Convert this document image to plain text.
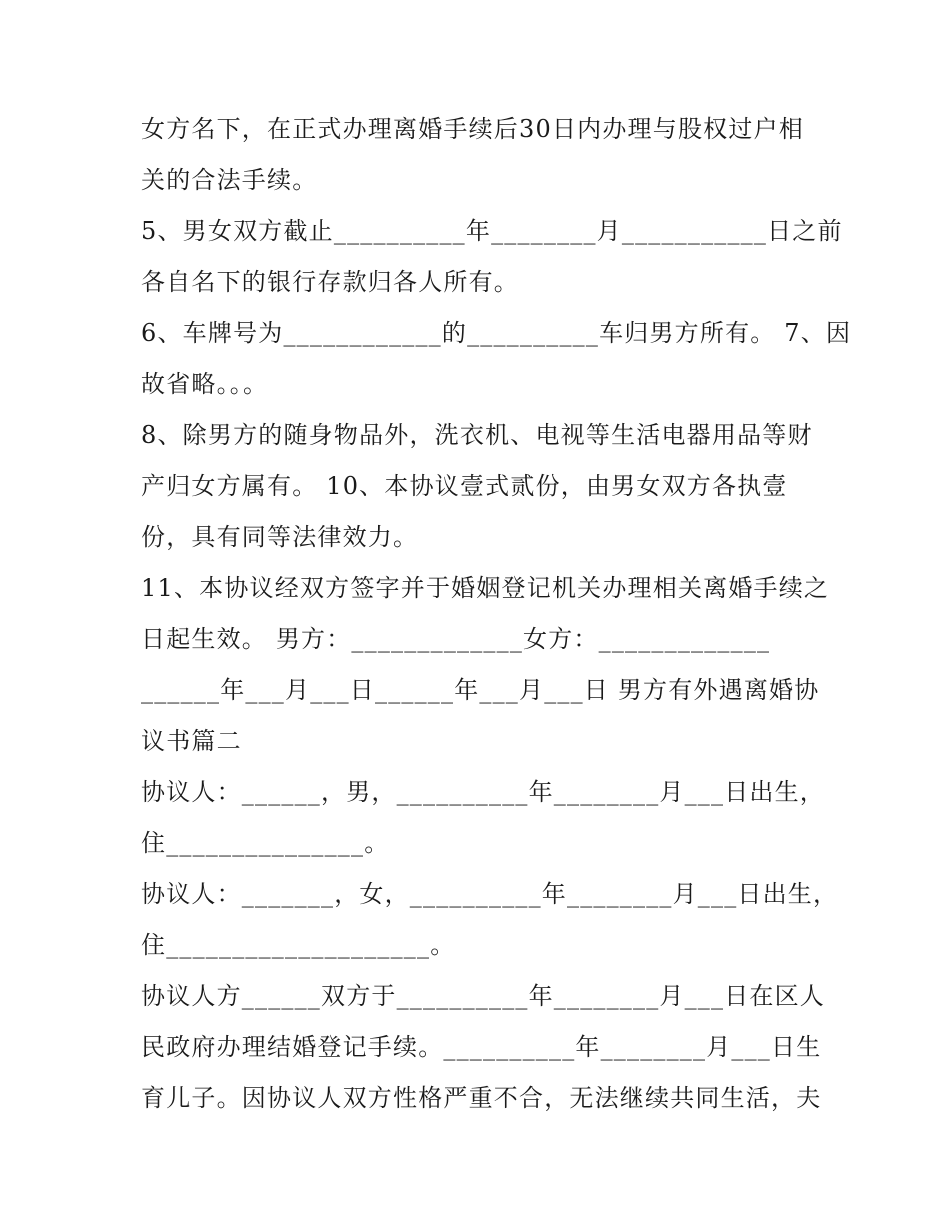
女方名下，在正式办理离婚手续后30日内办理与股权过户相
关的合法手续。
5、男女双方截止__________年________月___________日之前
各自名下的银行存款归各人所有。
6、车牌号为____________的__________车归男方所有。 7、因
故省略。。。
8、除男方的随身物品外，洗衣机、电视等生活电器用品等财
产归女方属有。 10、本协议壹式贰份，由男女双方各执壹
份，具有同等法律效力。
11、本协议经双方签字并于婚姻登记机关办理相关离婚手续之
日起生效。 男方：_____________女方：_____________
______年___月___日______年___月___日 男方有外遇离婚协
议书篇二
协议人：______，男，__________年________月___日出生，
住_______________。
协议人：_______，女，__________年________月___日出生，
住____________________。
协议人方______双方于__________年________月___日在区人
民政府办理结婚登记手续。__________年________月___日生
育儿子。因协议人双方性格严重不合，无法继续共同生活，夫
